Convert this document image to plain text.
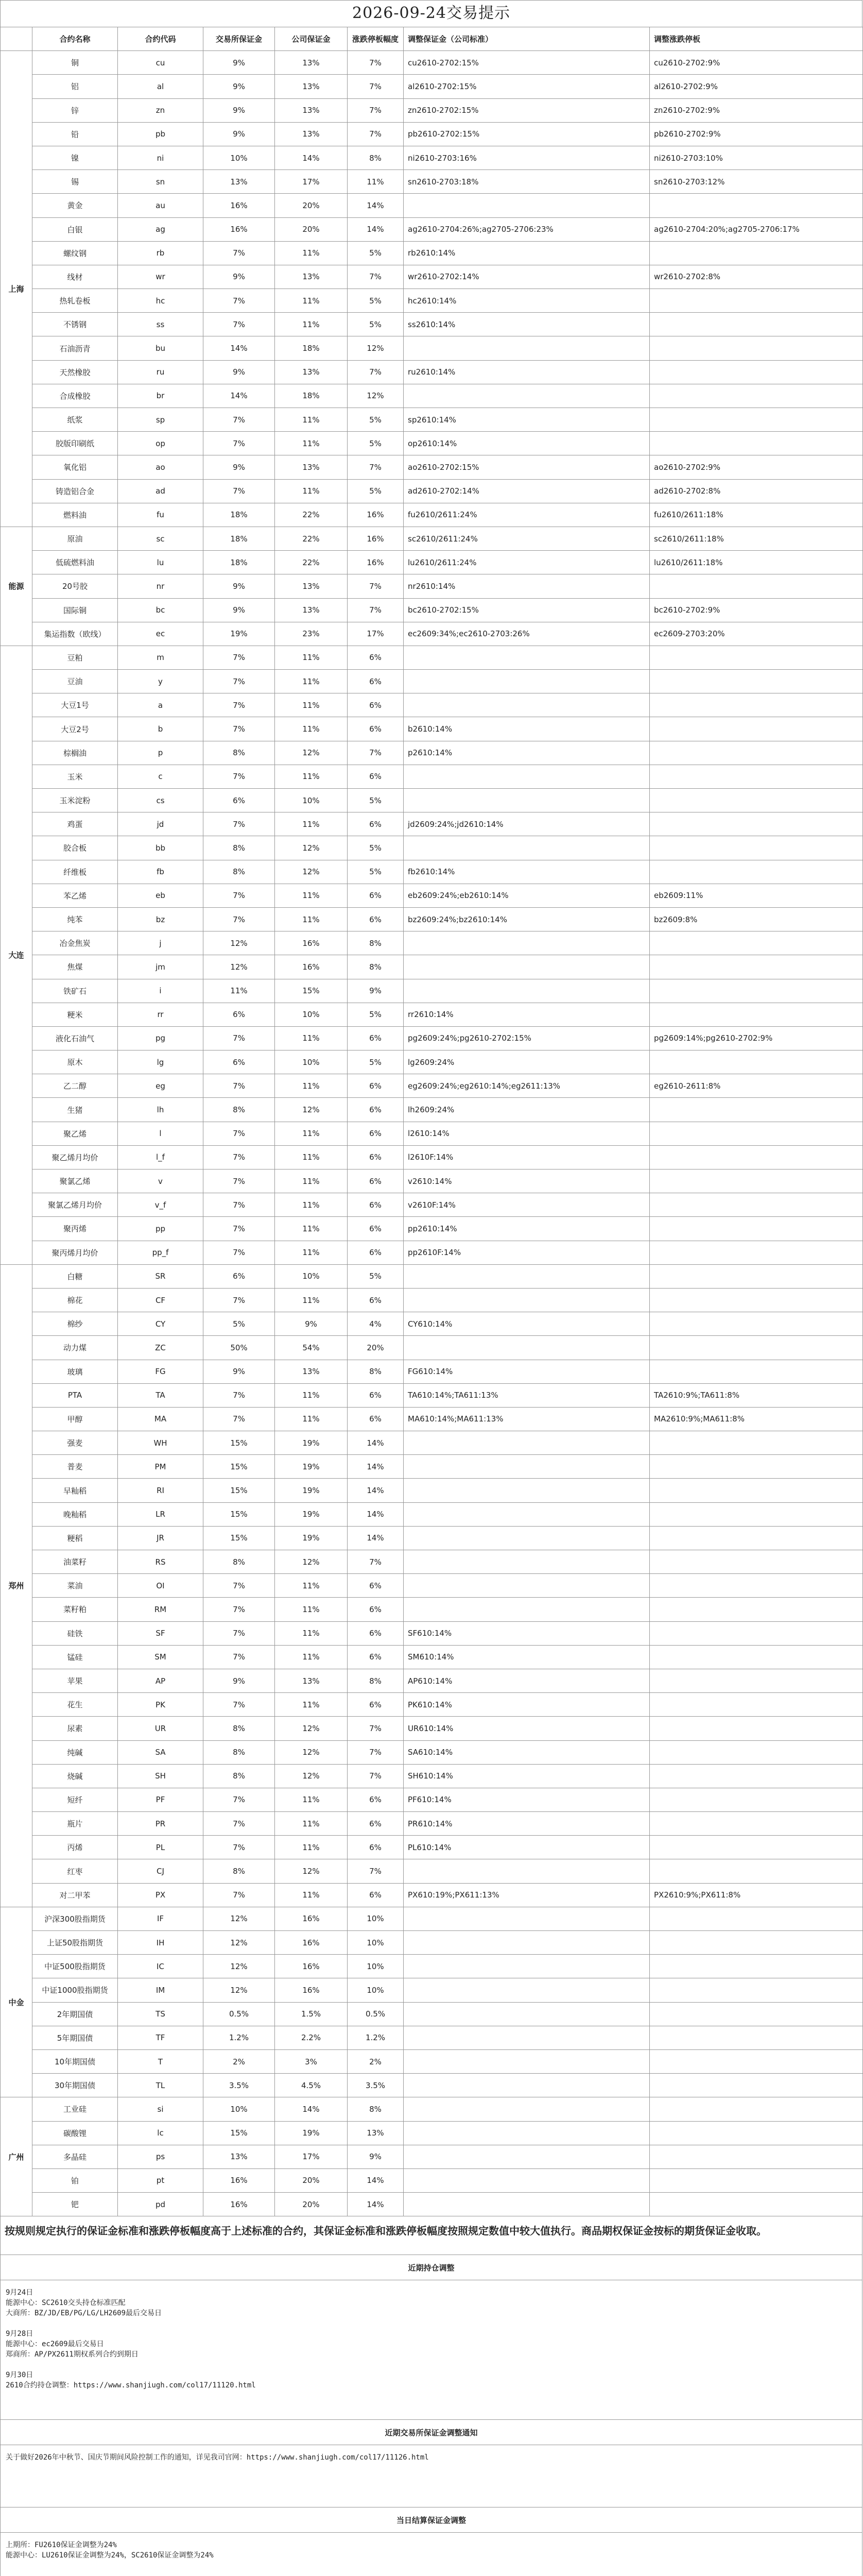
2026-09-24交易提示
	合约名称	合约代码	交易所保证金	公司保证金	涨跌停板幅度	调整保证金（公司标准）	调整涨跌停板
上海	铜	cu	9%	13%	7%	cu2610-2702:15%	cu2610-2702:9%
	铝	al	9%	13%	7%	al2610-2702:15%	al2610-2702:9%
	锌	zn	9%	13%	7%	zn2610-2702:15%	zn2610-2702:9%
	铅	pb	9%	13%	7%	pb2610-2702:15%	pb2610-2702:9%
	镍	ni	10%	14%	8%	ni2610-2703:16%	ni2610-2703:10%
	锡	sn	13%	17%	11%	sn2610-2703:18%	sn2610-2703:12%
	黄金	au	16%	20%	14%		
	白银	ag	16%	20%	14%	ag2610-2704:26%;ag2705-2706:23%	ag2610-2704:20%;ag2705-2706:17%
	螺纹钢	rb	7%	11%	5%	rb2610:14%	
	线材	wr	9%	13%	7%	wr2610-2702:14%	wr2610-2702:8%
	热轧卷板	hc	7%	11%	5%	hc2610:14%	
	不锈钢	ss	7%	11%	5%	ss2610:14%	
	石油沥青	bu	14%	18%	12%		
	天然橡胶	ru	9%	13%	7%	ru2610:14%	
	合成橡胶	br	14%	18%	12%		
	纸浆	sp	7%	11%	5%	sp2610:14%	
	胶版印刷纸	op	7%	11%	5%	op2610:14%	
	氧化铝	ao	9%	13%	7%	ao2610-2702:15%	ao2610-2702:9%
	铸造铝合金	ad	7%	11%	5%	ad2610-2702:14%	ad2610-2702:8%
	燃料油	fu	18%	22%	16%	fu2610/2611:24%	fu2610/2611:18%
能源	原油	sc	18%	22%	16%	sc2610/2611:24%	sc2610/2611:18%
	低硫燃料油	lu	18%	22%	16%	lu2610/2611:24%	lu2610/2611:18%
	20号胶	nr	9%	13%	7%	nr2610:14%	
	国际铜	bc	9%	13%	7%	bc2610-2702:15%	bc2610-2702:9%
	集运指数（欧线）	ec	19%	23%	17%	ec2609:34%;ec2610-2703:26%	ec2609-2703:20%
大连	豆粕	m	7%	11%	6%		
	豆油	y	7%	11%	6%		
	大豆1号	a	7%	11%	6%		
	大豆2号	b	7%	11%	6%	b2610:14%	
	棕榈油	p	8%	12%	7%	p2610:14%	
	玉米	c	7%	11%	6%		
	玉米淀粉	cs	6%	10%	5%		
	鸡蛋	jd	7%	11%	6%	jd2609:24%;jd2610:14%	
	胶合板	bb	8%	12%	5%		
	纤维板	fb	8%	12%	5%	fb2610:14%	
	苯乙烯	eb	7%	11%	6%	eb2609:24%;eb2610:14%	eb2609:11%
	纯苯	bz	7%	11%	6%	bz2609:24%;bz2610:14%	bz2609:8%
	冶金焦炭	j	12%	16%	8%		
	焦煤	jm	12%	16%	8%		
	铁矿石	i	11%	15%	9%		
	粳米	rr	6%	10%	5%	rr2610:14%	
	液化石油气	pg	7%	11%	6%	pg2609:24%;pg2610-2702:15%	pg2609:14%;pg2610-2702:9%
	原木	lg	6%	10%	5%	lg2609:24%	
	乙二醇	eg	7%	11%	6%	eg2609:24%;eg2610:14%;eg2611:13%	eg2610-2611:8%
	生猪	lh	8%	12%	6%	lh2609:24%	
	聚乙烯	l	7%	11%	6%	l2610:14%	
	聚乙烯月均价	l_f	7%	11%	6%	l2610F:14%	
	聚氯乙烯	v	7%	11%	6%	v2610:14%	
	聚氯乙烯月均价	v_f	7%	11%	6%	v2610F:14%	
	聚丙烯	pp	7%	11%	6%	pp2610:14%	
	聚丙烯月均价	pp_f	7%	11%	6%	pp2610F:14%	
郑州	白糖	SR	6%	10%	5%		
	棉花	CF	7%	11%	6%		
	棉纱	CY	5%	9%	4%	CY610:14%	
	动力煤	ZC	50%	54%	20%		
	玻璃	FG	9%	13%	8%	FG610:14%	
	PTA	TA	7%	11%	6%	TA610:14%;TA611:13%	TA2610:9%;TA611:8%
	甲醇	MA	7%	11%	6%	MA610:14%;MA611:13%	MA2610:9%;MA611:8%
	强麦	WH	15%	19%	14%		
	普麦	PM	15%	19%	14%		
	早籼稻	RI	15%	19%	14%		
	晚籼稻	LR	15%	19%	14%		
	粳稻	JR	15%	19%	14%		
	油菜籽	RS	8%	12%	7%		
	菜油	OI	7%	11%	6%		
	菜籽粕	RM	7%	11%	6%		
	硅铁	SF	7%	11%	6%	SF610:14%	
	锰硅	SM	7%	11%	6%	SM610:14%	
	苹果	AP	9%	13%	8%	AP610:14%	
	花生	PK	7%	11%	6%	PK610:14%	
	尿素	UR	8%	12%	7%	UR610:14%	
	纯碱	SA	8%	12%	7%	SA610:14%	
	烧碱	SH	8%	12%	7%	SH610:14%	
	短纤	PF	7%	11%	6%	PF610:14%	
	瓶片	PR	7%	11%	6%	PR610:14%	
	丙烯	PL	7%	11%	6%	PL610:14%	
	红枣	CJ	8%	12%	7%		
	对二甲苯	PX	7%	11%	6%	PX610:19%;PX611:13%	PX2610:9%;PX611:8%
中金	沪深300股指期货	IF	12%	16%	10%		
	上证50股指期货	IH	12%	16%	10%		
	中证500股指期货	IC	12%	16%	10%		
	中证1000股指期货	IM	12%	16%	10%		
	2年期国债	TS	0.5%	1.5%	0.5%		
	5年期国债	TF	1.2%	2.2%	1.2%		
	10年期国债	T	2%	3%	2%		
	30年期国债	TL	3.5%	4.5%	3.5%		
广州	工业硅	si	10%	14%	8%		
	碳酸锂	lc	15%	19%	13%		
	多晶硅	ps	13%	17%	9%		
	铂	pt	16%	20%	14%		
	钯	pd	16%	20%	14%		
按规则规定执行的保证金标准和涨跌停板幅度高于上述标准的合约，其保证金标准和涨跌停板幅度按照规定数值中较大值执行。商品期权保证金按标的期货保证金收取。
近期持仓调整

9月24日

能源中心：SC2610交头持仓标准匹配

大商所：BZ/JD/EB/PG/LG/LH2609最后交易日

9月28日

能源中心：ec2609最后交易日

郑商所：AP/PX2611期权系列合约到期日

9月30日

2610合约持仓调整：https://www.shanjiugh.com/col17/11120.html

近期交易所保证金调整通知

关于做好2026年中秋节、国庆节期间风险控制工作的通知，详见我司官网：https://www.shanjiugh.com/col17/11126.html

当日结算保证金调整

上期所：FU2610保证金调整为24%

能源中心：LU2610保证金调整为24%，SC2610保证金调整为24%
